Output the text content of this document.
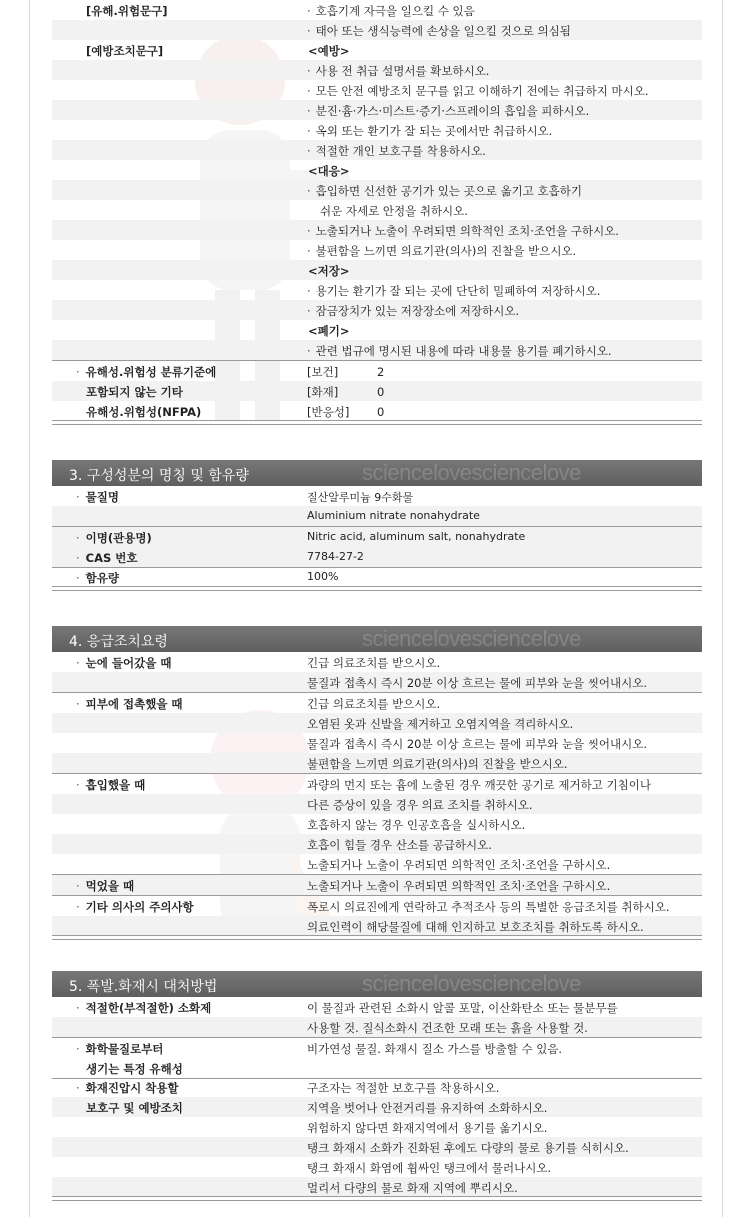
[유해.위험문구]	· 호흡기계 자극을 일으킬 수 있음
· 태아 또는 생식능력에 손상을 일으킬 것으로 의심됨
[예방조치문구]	<예방>
· 사용 전 취급 설명서를 확보하시오.
· 모든 안전 예방조치 문구를 읽고 이해하기 전에는 취급하지 마시오.
· 분진·흄·가스·미스트·증기·스프레이의 흡입을 피하시오.
· 옥외 또는 환기가 잘 되는 곳에서만 취급하시오.
· 적절한 개인 보호구를 착용하시오.
<대응>
· 흡입하면 신선한 공기가 있는 곳으로 옮기고 호흡하기
쉬운 자세로 안정을 취하시오.
· 노출되거나 노출이 우려되면 의학적인 조치·조언을 구하시오.
· 불편함을 느끼면 의료기관(의사)의 진찰을 받으시오.
<저장>
· 용기는 환기가 잘 되는 곳에 단단히 밀폐하여 저장하시오.
· 잠금장치가 있는 저장장소에 저장하시오.
<폐기>
· 관련 법규에 명시된 내용에 따라 내용물 용기를 폐기하시오.
· 유해성.위험성 분류기준에	[보건]	2
포함되지 않는 기타	[화재]	0
유해성.위험성(NFPA)	[반응성] 0
3. 구성성분의 명칭 및 함유량	sciencelovesciencelove
· 물질명	질산알루미늄 9수화물
Aluminium nitrate nonahydrate
· 이명(관용명)	Nitric acid, aluminum salt, nonahydrate
· CAS 번호	7784-27-2
· 함유량	100%
4. 응급조치요령	sciencelovesciencelove
· 눈에 들어갔을 때	긴급 의료조치를 받으시오.
물질과 접촉시 즉시 20분 이상 흐르는 물에 피부와 눈을 씻어내시오.
· 피부에 접촉했을 때	긴급 의료조치를 받으시오.
오염된 옷과 신발을 제거하고 오염지역을 격리하시오.
물질과 접촉시 즉시 20분 이상 흐르는 물에 피부와 눈을 씻어내시오.
불편함을 느끼면 의료기관(의사)의 진찰을 받으시오.
· 흡입했을 때	과량의 먼지 또는 흄에 노출된 경우 깨끗한 공기로 제거하고 기침이나
다른 증상이 있을 경우 의료 조치를 취하시오.
호흡하지 않는 경우 인공호흡을 실시하시오.
호흡이 힘들 경우 산소를 공급하시오.
노출되거나 노출이 우려되면 의학적인 조치·조언을 구하시오.
· 먹었을 때	노출되거나 노출이 우려되면 의학적인 조치·조언을 구하시오.
· 기타 의사의 주의사항	폭로시 의료진에게 연락하고 추적조사 등의 특별한 응급조치를 취하시오.
의료인력이 해당물질에 대해 인지하고 보호조치를 취하도록 하시오.
5. 폭발.화재시 대처방법	sciencelovesciencelove
· 적절한(부적절한) 소화제	이 물질과 관련된 소화시 알콜 포말, 이산화탄소 또는 물분무를
사용할 것. 질식소화시 건조한 모래 또는 흙을 사용할 것.
· 화학물질로부터	비가연성 물질. 화재시 질소 가스를 방출할 수 있음.
생기는 특정 유해성
· 화재진압시 착용할	구조자는 적절한 보호구를 착용하시오.
보호구 및 예방조치	지역을 벗어나 안전거리를 유지하여 소화하시오.
위험하지 않다면 화재지역에서 용기를 옮기시오.
탱크 화재시 소화가 진화된 후에도 다량의 물로 용기를 식히시오.
탱크 화재시 화염에 휩싸인 탱크에서 물러나시오.
멀리서 다량의 물로 화재 지역에 뿌리시오.
